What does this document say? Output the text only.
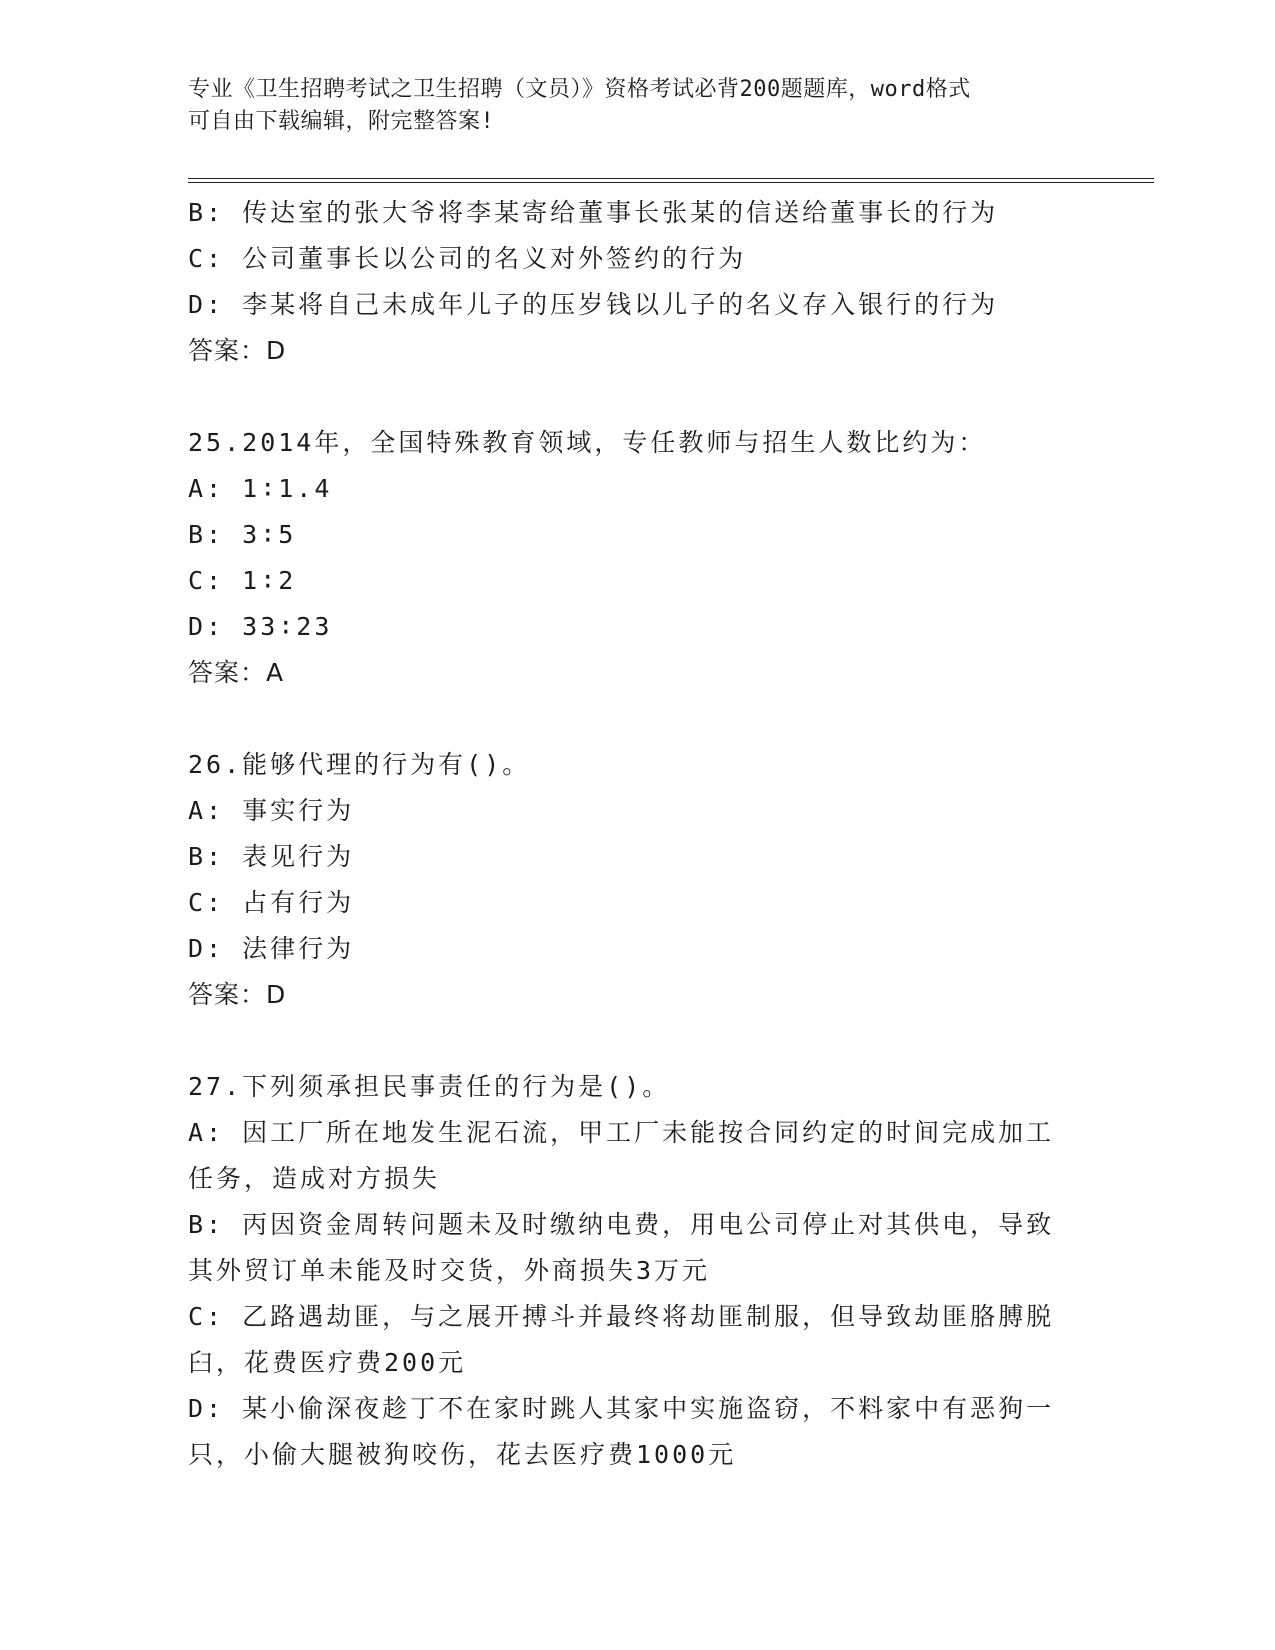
专业《卫生招聘考试之卫生招聘（文员）》资格考试必背200题题库，word格式
可自由下载编辑，附完整答案!
B: 传达室的张大爷将李某寄给董事长张某的信送给董事长的行为
C: 公司董事长以公司的名义对外签约的行为
D: 李某将自己未成年儿子的压岁钱以儿子的名义存入银行的行为
答案：D
25.2014年，全国特殊教育领域，专任教师与招生人数比约为：
A: 1∶1.4
B: 3∶5
C: 1∶2
D: 33∶23
答案：A
26.能够代理的行为有()。
A: 事实行为
B: 表见行为
C: 占有行为
D: 法律行为
答案：D
27.下列须承担民事责任的行为是()。
A: 因工厂所在地发生泥石流，甲工厂未能按合同约定的时间完成加工
任务，造成对方损失
B: 丙因资金周转问题未及时缴纳电费，用电公司停止对其供电，导致
其外贸订单未能及时交货，外商损失3万元
C: 乙路遇劫匪，与之展开搏斗并最终将劫匪制服，但导致劫匪胳膊脱
臼，花费医疗费200元
D: 某小偷深夜趁丁不在家时跳人其家中实施盗窃，不料家中有恶狗一
只，小偷大腿被狗咬伤，花去医疗费1000元
